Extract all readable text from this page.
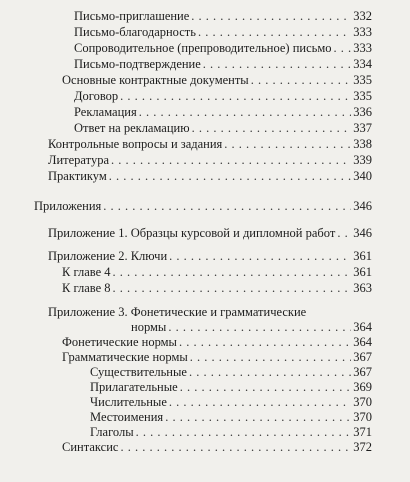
Письмо-приглашение . . .	332
Письмо-благодарность . . .	333
Сопроводительное (препроводительное) письмо . . . 333
Письмо-подтверждение . . .	334
Основные контрактные документы . . .	335
Договор . . .	335
Рекламация . . .	336
Ответ на рекламацию . . .	337
Контрольные вопросы и задания . . .	338
Литература . . .	339
Практикум . . .	340
Приложения . . .	346
Приложение 1. Образцы курсовой и дипломной работ . . . 346
Приложение 2. Ключи . . .	361
К главе 4 . . .	361
К главе 8 . . .	363
Приложение 3. Фонетические и грамматические
нормы . . .	364
Фонетические нормы . . .	364
Грамматические нормы . . .	367
Существительные . . .	367
Прилагательные . . .	369
Числительные . . .	370
Местоимения . . .	370
Глаголы . . .	371
Синтаксис . . .	372
